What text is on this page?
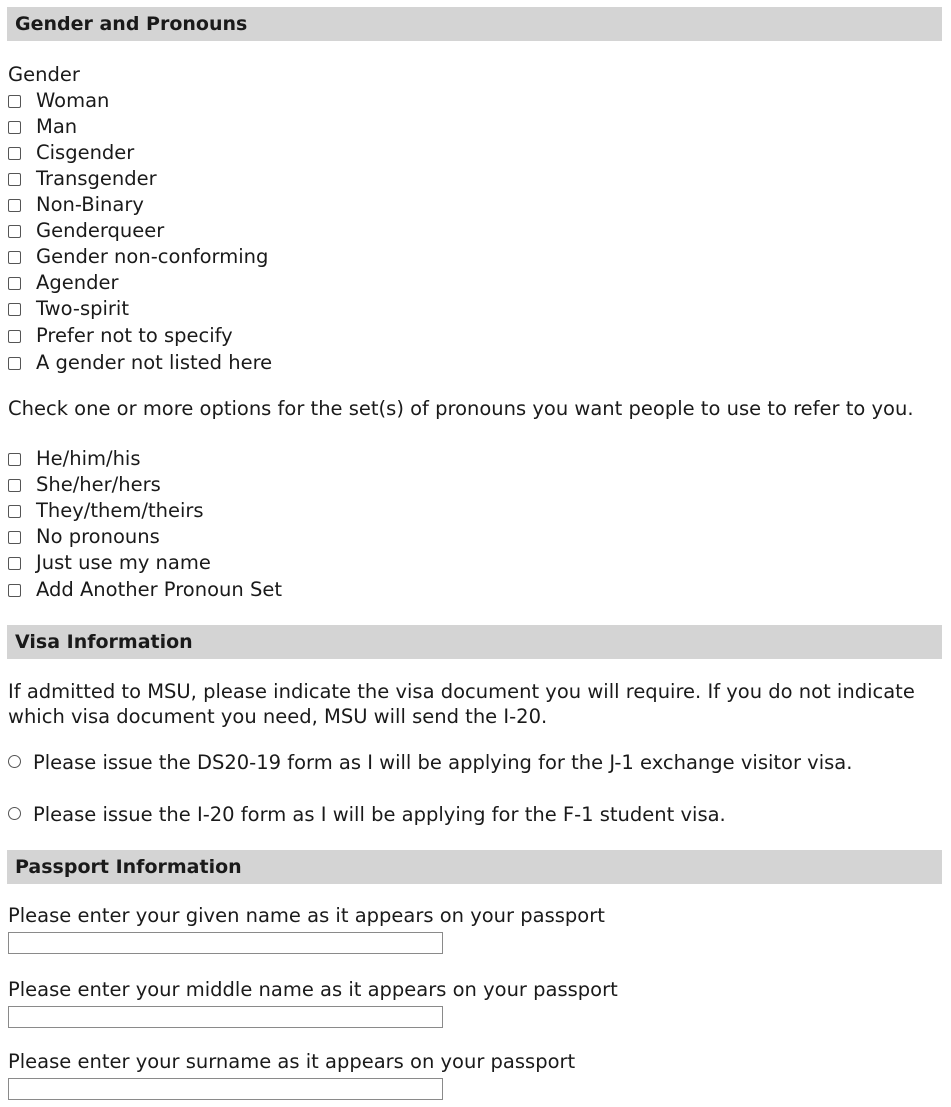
Gender and Pronouns
Gender
Woman
Man
Cisgender
Transgender
Non-Binary
Genderqueer
Gender non-conforming
Agender
Two-spirit
Prefer not to specify
A gender not listed here
Check one or more options for the set(s) of pronouns you want people to use to refer to you.
He/him/his
She/her/hers
They/them/theirs
No pronouns
Just use my name
Add Another Pronoun Set
Visa Information
If admitted to MSU, please indicate the visa document you will require. If you do not indicate which visa document you need, MSU will send the I-20.
Please issue the DS20-19 form as I will be applying for the J-1 exchange visitor visa.
Please issue the I-20 form as I will be applying for the F-1 student visa.
Passport Information
Please enter your given name as it appears on your passport
Please enter your middle name as it appears on your passport
Please enter your surname as it appears on your passport
